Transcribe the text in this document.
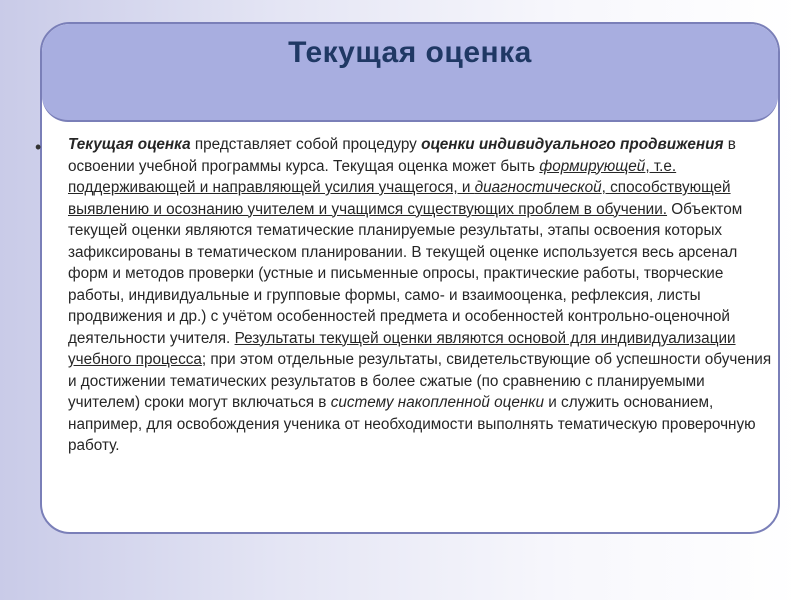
Текущая оценка
• Текущая оценка представляет собой процедуру оценки индивидуального продвижения в освоении учебной программы курса. Текущая оценка может быть формирующей, т.е. поддерживающей и направляющей усилия учащегося, и диагностической, способствующей выявлению и осознанию учителем и учащимся существующих проблем в обучении. Объектом текущей оценки являются тематические планируемые результаты, этапы освоения которых зафиксированы в тематическом планировании. В текущей оценке используется весь арсенал форм и методов проверки (устные и письменные опросы, практические работы, творческие работы, индивидуальные и групповые формы, само- и взаимооценка, рефлексия, листы продвижения и др.) с учётом особенностей предмета и особенностей контрольно-оценочной деятельности учителя. Результаты текущей оценки являются основой для индивидуализации учебного процесса; при этом отдельные результаты, свидетельствующие об успешности обучения и достижении тематических результатов в более сжатые (по сравнению с планируемыми учителем) сроки могут включаться в систему накопленной оценки и служить основанием, например, для освобождения ученика от необходимости выполнять тематическую проверочную работу.
